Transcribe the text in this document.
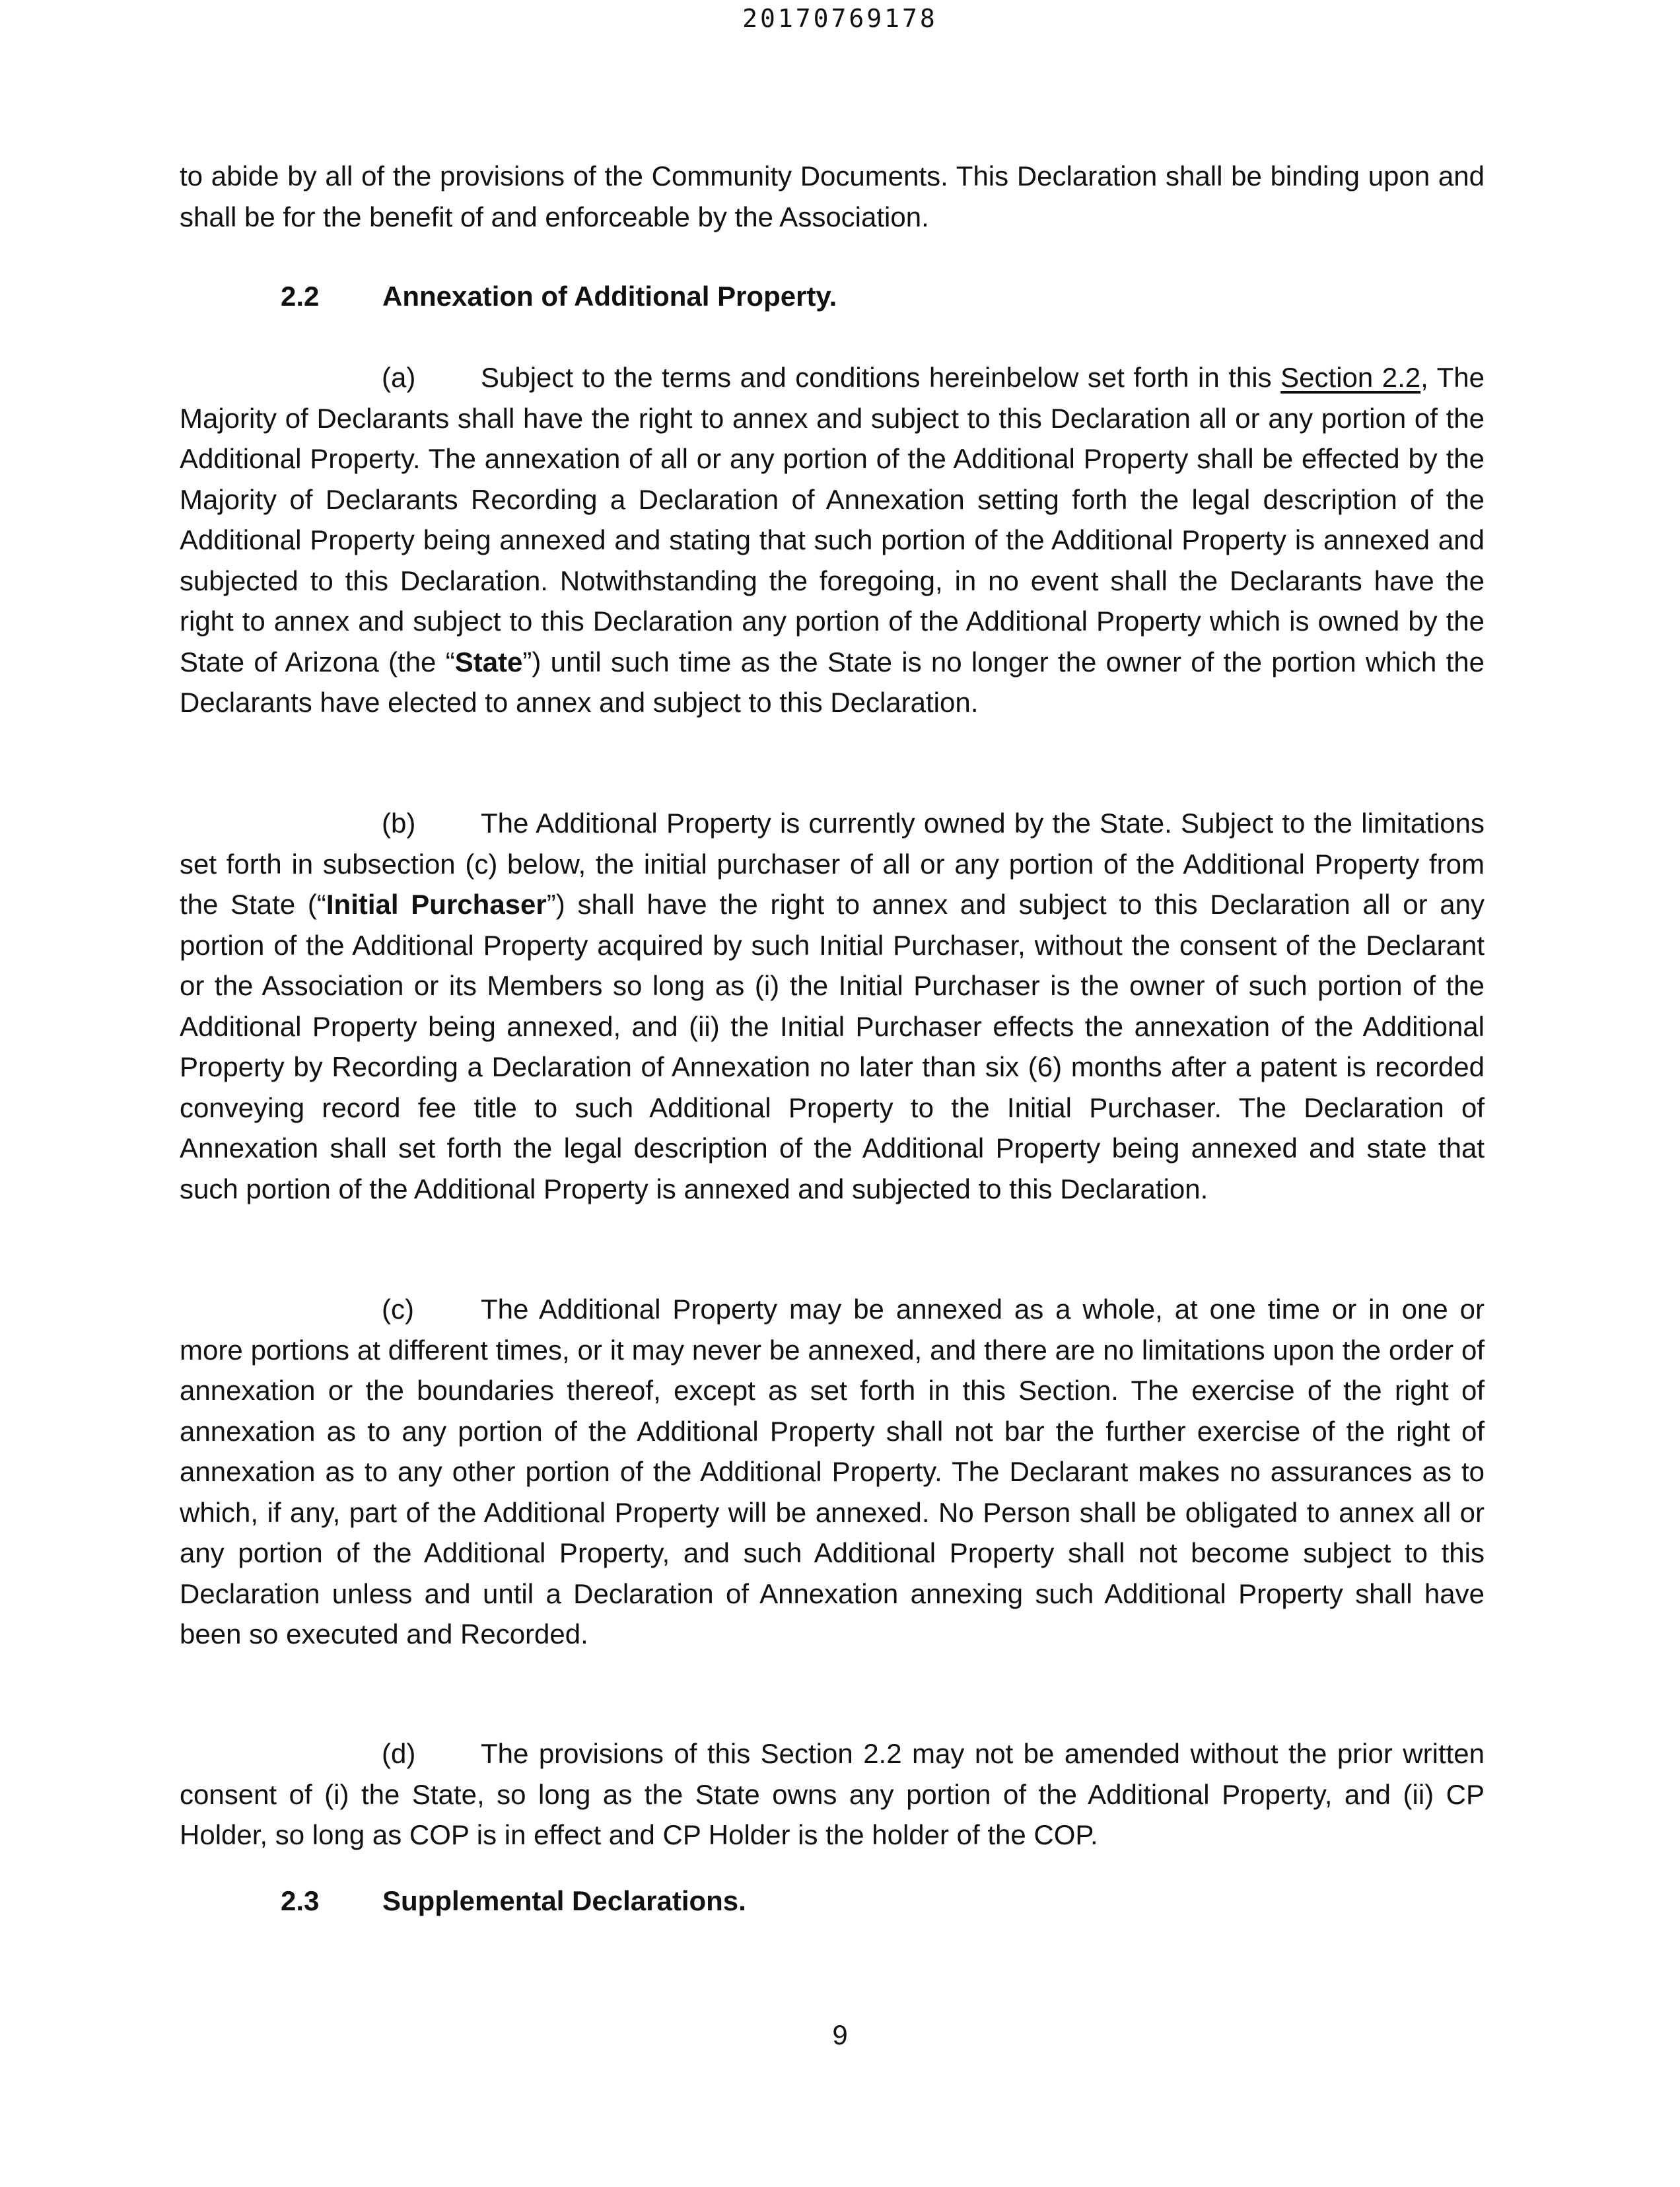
20170769178

to abide by all of the provisions of the Community Documents. This Declaration shall be binding upon and shall be for the benefit of and enforceable by the Association.

2.2 Annexation of Additional Property.

(a) Subject to the terms and conditions hereinbelow set forth in this Section 2.2, The Majority of Declarants shall have the right to annex and subject to this Declaration all or any portion of the Additional Property. The annexation of all or any portion of the Additional Property shall be effected by the Majority of Declarants Recording a Declaration of Annexation setting forth the legal description of the Additional Property being annexed and stating that such portion of the Additional Property is annexed and subjected to this Declaration. Notwithstanding the foregoing, in no event shall the Declarants have the right to annex and subject to this Declaration any portion of the Additional Property which is owned by the State of Arizona (the “State”) until such time as the State is no longer the owner of the portion which the Declarants have elected to annex and subject to this Declaration.

(b) The Additional Property is currently owned by the State. Subject to the limitations set forth in subsection (c) below, the initial purchaser of all or any portion of the Additional Property from the State (“Initial Purchaser”) shall have the right to annex and subject to this Declaration all or any portion of the Additional Property acquired by such Initial Purchaser, without the consent of the Declarant or the Association or its Members so long as (i) the Initial Purchaser is the owner of such portion of the Additional Property being annexed, and (ii) the Initial Purchaser effects the annexation of the Additional Property by Recording a Declaration of Annexation no later than six (6) months after a patent is recorded conveying record fee title to such Additional Property to the Initial Purchaser. The Declaration of Annexation shall set forth the legal description of the Additional Property being annexed and state that such portion of the Additional Property is annexed and subjected to this Declaration.

(c) The Additional Property may be annexed as a whole, at one time or in one or more portions at different times, or it may never be annexed, and there are no limitations upon the order of annexation or the boundaries thereof, except as set forth in this Section. The exercise of the right of annexation as to any portion of the Additional Property shall not bar the further exercise of the right of annexation as to any other portion of the Additional Property. The Declarant makes no assurances as to which, if any, part of the Additional Property will be annexed. No Person shall be obligated to annex all or any portion of the Additional Property, and such Additional Property shall not become subject to this Declaration unless and until a Declaration of Annexation annexing such Additional Property shall have been so executed and Recorded.

(d) The provisions of this Section 2.2 may not be amended without the prior written consent of (i) the State, so long as the State owns any portion of the Additional Property, and (ii) CP Holder, so long as COP is in effect and CP Holder is the holder of the COP.

2.3 Supplemental Declarations.
9
